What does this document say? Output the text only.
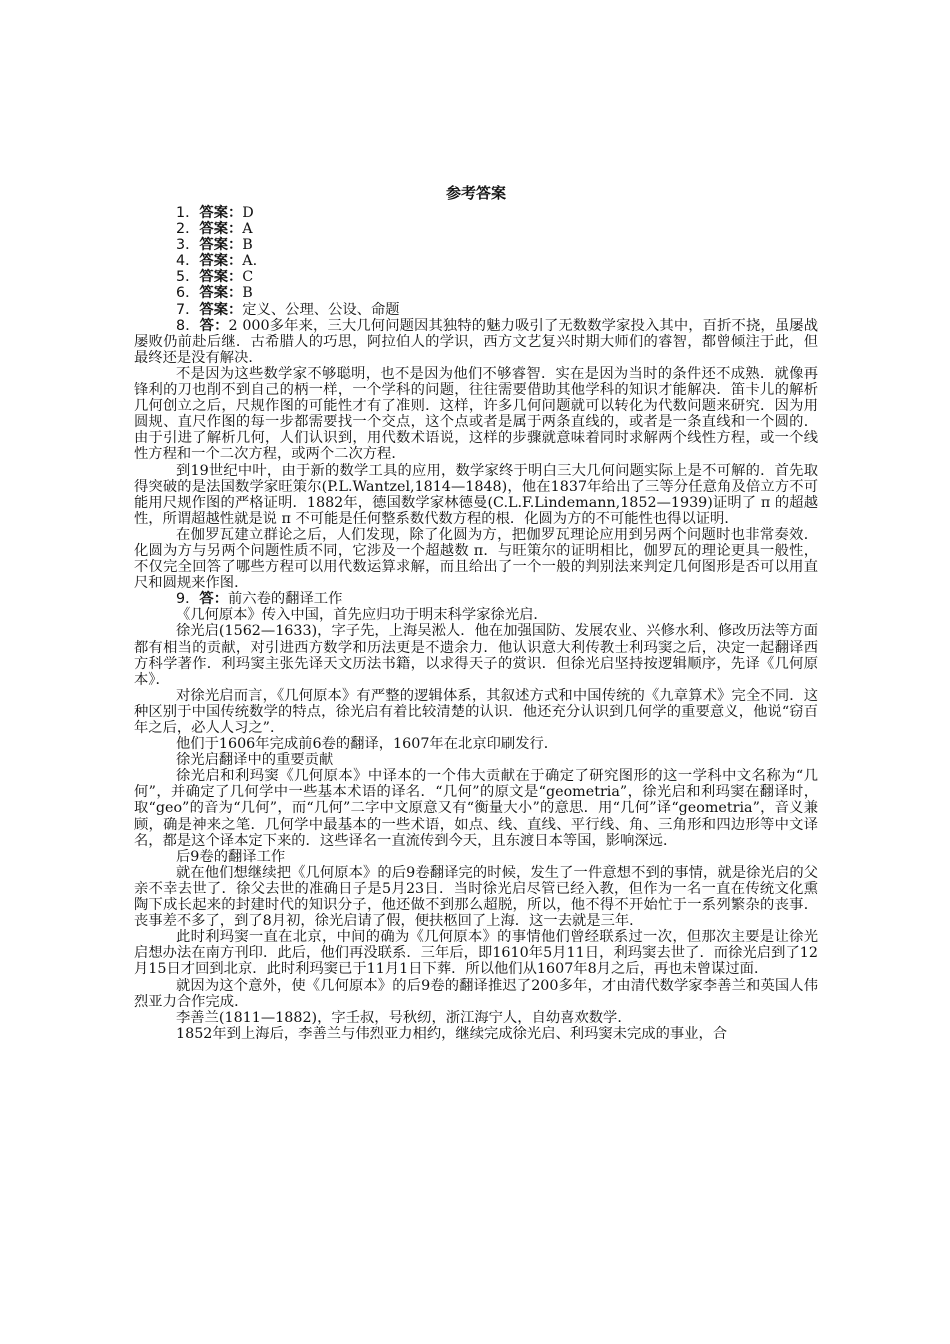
参考答案

1．答案：D

2．答案：A

3．答案：B

4．答案：A.

5．答案：C

6．答案：B

7．答案：定义、公理、公设、命题

8．答：2 000多年来，三大几何问题因其独特的魅力吸引了无数数学家投入其中，百折不挠，虽屡战屡败仍前赴后继．古希腊人的巧思，阿拉伯人的学识，西方文艺复兴时期大师们的睿智，都曾倾注于此，但最终还是没有解决．

不是因为这些数学家不够聪明，也不是因为他们不够睿智．实在是因为当时的条件还不成熟．就像再锋利的刀也削不到自己的柄一样，一个学科的问题，往往需要借助其他学科的知识才能解决．笛卡儿的解析几何创立之后，尺规作图的可能性才有了准则．这样，许多几何问题就可以转化为代数问题来研究．因为用圆规、直尺作图的每一步都需要找一个交点，这个点或者是属于两条直线的，或者是一条直线和一个圆的．由于引进了解析几何，人们认识到，用代数术语说，这样的步骤就意味着同时求解两个线性方程，或一个线性方程和一个二次方程，或两个二次方程．

到19世纪中叶，由于新的数学工具的应用，数学家终于明白三大几何问题实际上是不可解的．首先取得突破的是法国数学家旺策尔(P.L.Wantzel,1814—1848)，他在1837年给出了三等分任意角及倍立方不可能用尺规作图的严格证明．1882年，德国数学家林德曼(C.L.F.Lindemann,1852—1939)证明了 π 的超越性，所谓超越性就是说 π 不可能是任何整系数代数方程的根．化圆为方的不可能性也得以证明．

在伽罗瓦建立群论之后，人们发现，除了化圆为方，把伽罗瓦理论应用到另两个问题时也非常奏效．化圆为方与另两个问题性质不同，它涉及一个超越数 π．与旺策尔的证明相比，伽罗瓦的理论更具一般性，不仅完全回答了哪些方程可以用代数运算求解，而且给出了一个一般的判别法来判定几何图形是否可以用直尺和圆规来作图．

9．答：前六卷的翻译工作

《几何原本》传入中国，首先应归功于明末科学家徐光启．

徐光启(1562—1633)，字子先，上海吴淞人．他在加强国防、发展农业、兴修水利、修改历法等方面都有相当的贡献，对引进西方数学和历法更是不遗余力．他认识意大利传教士利玛窦之后，决定一起翻译西方科学著作．利玛窦主张先译天文历法书籍，以求得天子的赏识．但徐光启坚持按逻辑顺序，先译《几何原本》．

对徐光启而言，《几何原本》有严整的逻辑体系，其叙述方式和中国传统的《九章算术》完全不同．这种区别于中国传统数学的特点，徐光启有着比较清楚的认识．他还充分认识到几何学的重要意义，他说“窃百年之后，必人人习之”．

他们于1606年完成前6卷的翻译，1607年在北京印刷发行．

徐光启翻译中的重要贡献

徐光启和利玛窦《几何原本》中译本的一个伟大贡献在于确定了研究图形的这一学科中文名称为“几何”，并确定了几何学中一些基本术语的译名．“几何”的原文是“geometria”，徐光启和利玛窦在翻译时，取“geo”的音为“几何”，而“几何”二字中文原意又有“衡量大小”的意思．用“几何”译“geometria”，音义兼顾，确是神来之笔．几何学中最基本的一些术语，如点、线、直线、平行线、角、三角形和四边形等中文译名，都是这个译本定下来的．这些译名一直流传到今天，且东渡日本等国，影响深远．

后9卷的翻译工作

就在他们想继续把《几何原本》的后9卷翻译完的时候，发生了一件意想不到的事情，就是徐光启的父亲不幸去世了．徐父去世的准确日子是5月23日．当时徐光启尽管已经入教，但作为一名一直在传统文化熏陶下成长起来的封建时代的知识分子，他还做不到那么超脱，所以，他不得不开始忙于一系列繁杂的丧事．丧事差不多了，到了8月初，徐光启请了假，便扶柩回了上海．这一去就是三年．

此时利玛窦一直在北京，中间的确为《几何原本》的事情他们曾经联系过一次，但那次主要是让徐光启想办法在南方刊印．此后，他们再没联系．三年后，即1610年5月11日，利玛窦去世了．而徐光启到了12月15日才回到北京．此时利玛窦已于11月1日下葬．所以他们从1607年8月之后，再也未曾谋过面．

就因为这个意外，使《几何原本》的后9卷的翻译推迟了200多年，才由清代数学家李善兰和英国人伟烈亚力合作完成．

李善兰(1811—1882)，字壬叔，号秋纫，浙江海宁人，自幼喜欢数学．

1852年到上海后，李善兰与伟烈亚力相约，继续完成徐光启、利玛窦未完成的事业，合
